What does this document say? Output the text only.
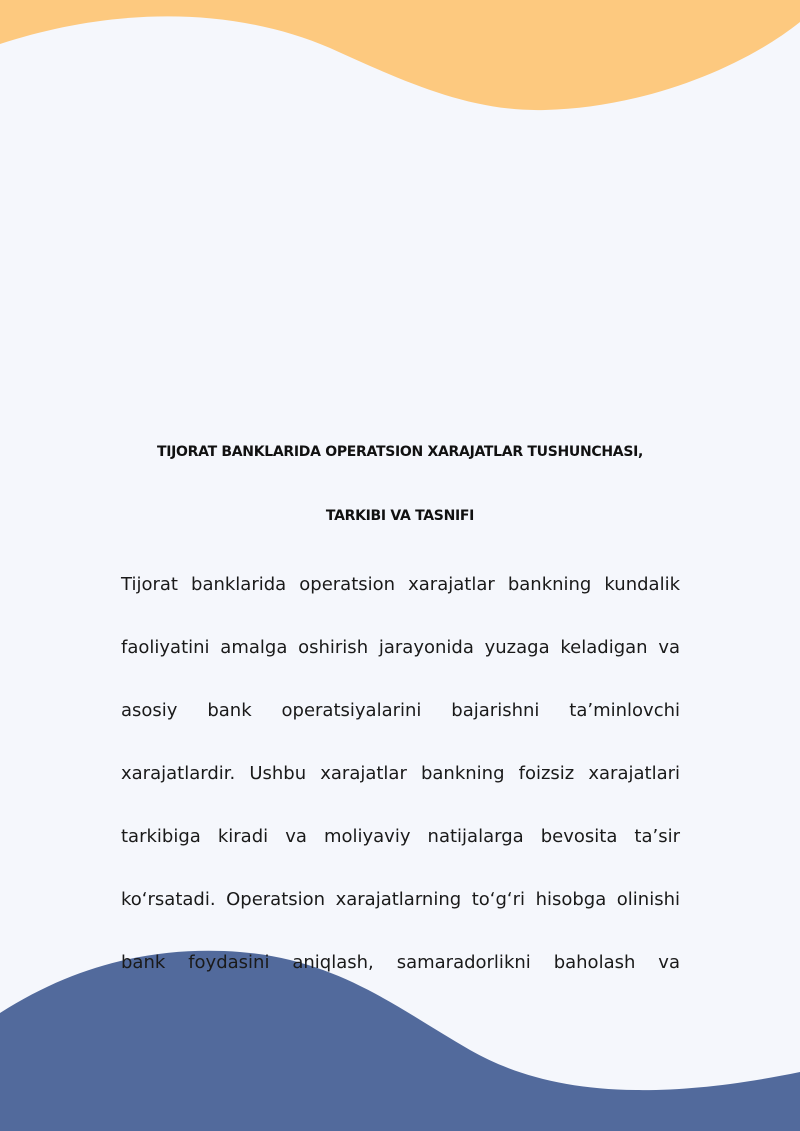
TIJORAT BANKLARIDA OPERATSION XARAJATLAR TUSHUNCHASI,
TARKIBI VA TASNIFI
Tijorat banklarida operatsion xarajatlar bankning kundalik
faoliyatini amalga oshirish jarayonida yuzaga keladigan va
asosiy bank operatsiyalarini bajarishni ta’minlovchi
xarajatlardir. Ushbu xarajatlar bankning foizsiz xarajatlari
tarkibiga kiradi va moliyaviy natijalarga bevosita ta’sir
ko‘rsatadi. Operatsion xarajatlarning to‘g‘ri hisobga olinishi
bank foydasini aniqlash, samaradorlikni baholash va
